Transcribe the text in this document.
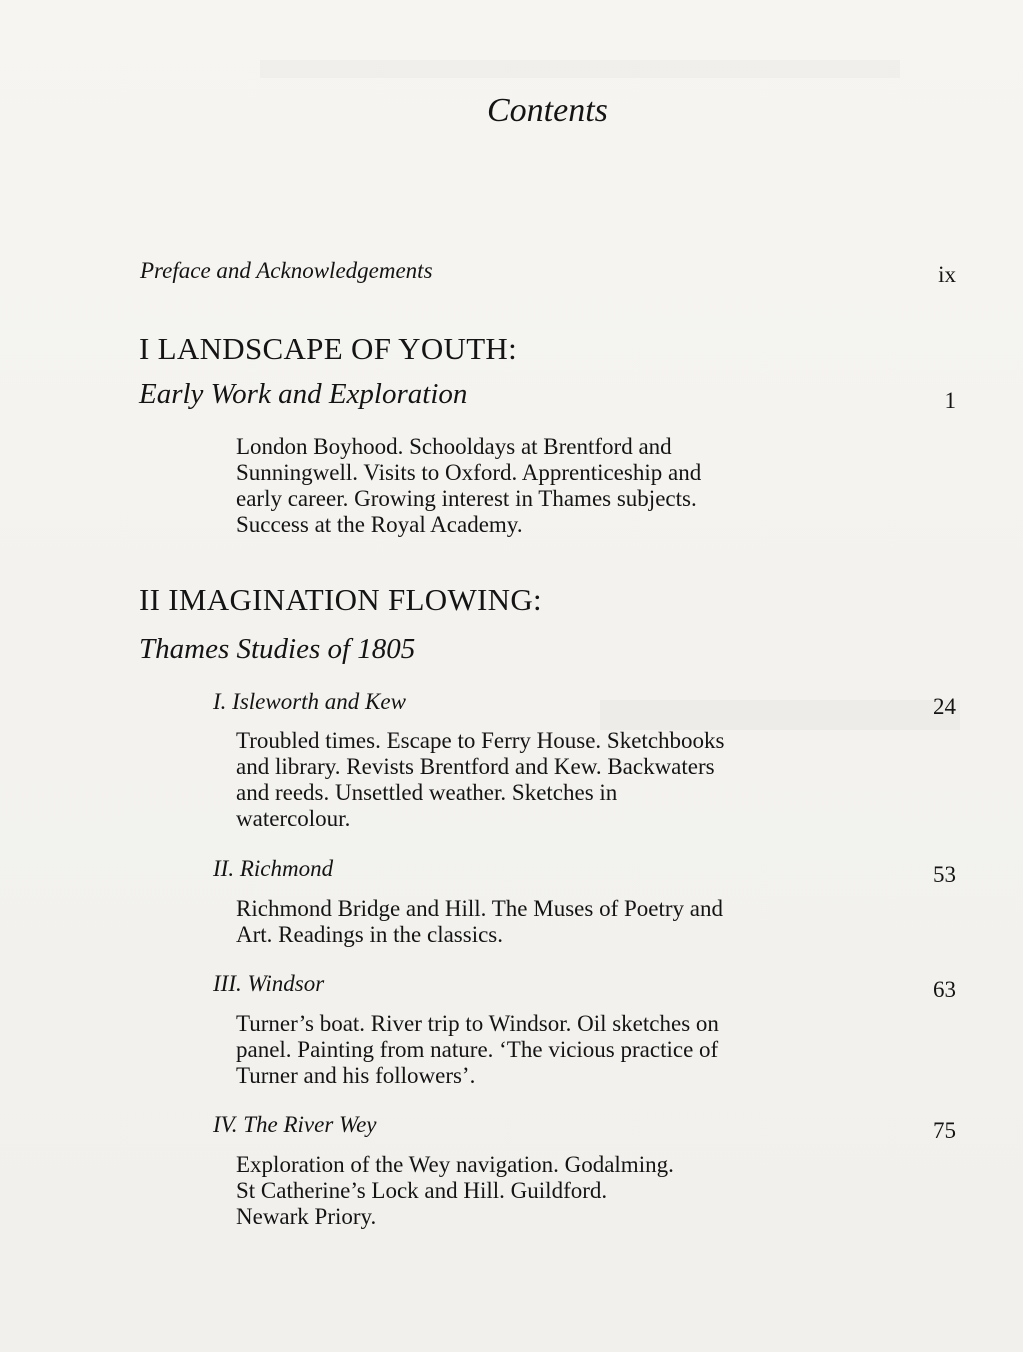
Contents
Preface and Acknowledgements	ix
I LANDSCAPE OF YOUTH:
Early Work and Exploration	1
London Boyhood. Schooldays at Brentford and
Sunningwell. Visits to Oxford. Apprenticeship and
early career. Growing interest in Thames subjects.
Success at the Royal Academy.
II IMAGINATION FLOWING:
Thames Studies of 1805
I. Isleworth and Kew	24
Troubled times. Escape to Ferry House. Sketchbooks
and library. Revists Brentford and Kew. Backwaters
and reeds. Unsettled weather. Sketches in
watercolour.
II. Richmond	53
Richmond Bridge and Hill. The Muses of Poetry and
Art. Readings in the classics.
III. Windsor	63
Turner’s boat. River trip to Windsor. Oil sketches on
panel. Painting from nature. ‘The vicious practice of
Turner and his followers’.
IV. The River Wey	75
Exploration of the Wey navigation. Godalming.
St Catherine’s Lock and Hill. Guildford.
Newark Priory.
